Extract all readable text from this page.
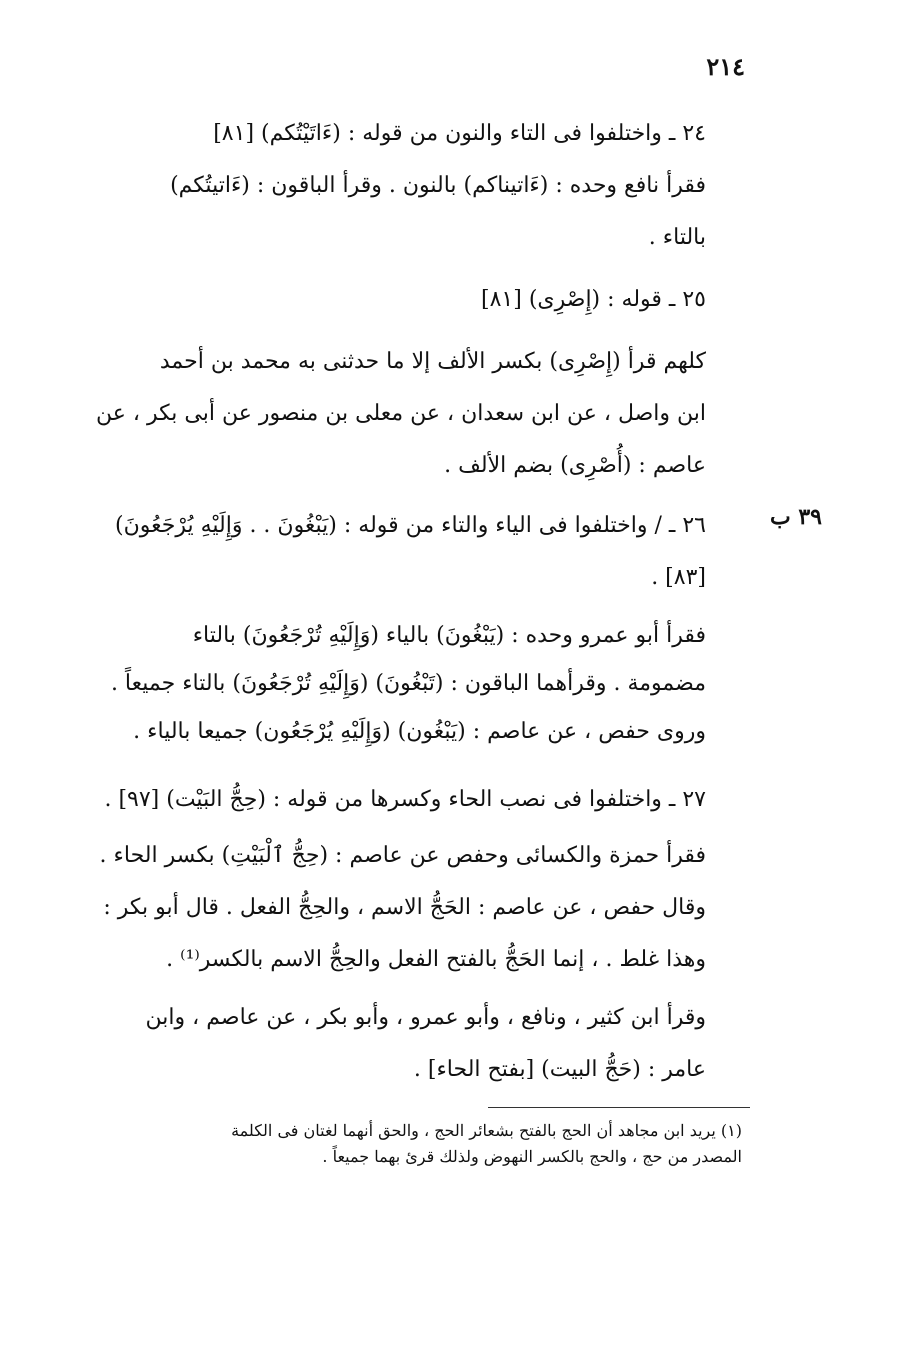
٢١٤
٣٩ ب
٢٤ ـ واختلفوا فى التاء والنون من قوله : (ءَاتَيْتُكم) [٨١]
فقرأ نافع وحده : (ءَاتيناكم) بالنون . وقرأ الباقون : (ءَاتيتُكم)
بالتاء .
٢٥ ـ قوله : (إِصْرِى) [٨١]
كلهم قرأ (إِصْرِى) بكسر الألف إلا ما حدثنى به محمد بن أحمد
ابن واصل ، عن ابن سعدان ، عن معلى بن منصور عن أبى بكر ، عن
عاصم : (أُصْرِى) بضم الألف .
٢٦ ـ / واختلفوا فى الياء والتاء من قوله : (يَبْغُونَ . . وَإِلَيْهِ يُرْجَعُونَ)
[٨٣] .
فقرأ أبو عمرو وحده : (يَبْغُونَ) بالياء (وَإِلَيْهِ تُرْجَعُونَ) بالتاء
مضمومة . وقرأهما الباقون : (تَبْغُونَ) (وَإِلَيْهِ تُرْجَعُونَ) بالتاء جميعاً .
وروى حفص ، عن عاصم : (يَبْغُون) (وَإِلَيْهِ يُرْجَعُون) جميعا بالياء .
٢٧ ـ واختلفوا فى نصب الحاء وكسرها من قوله : (حِجُّ البَيْت) [٩٧] .
فقرأ حمزة والكسائى وحفص عن عاصم : (حِجُّ ٱلْبَيْتِ) بكسر الحاء .
وقال حفص ، عن عاصم : الحَجُّ الاسم ، والحِجُّ الفعل . قال أبو بكر :
وهذا غلط . ، إنما الحَجُّ بالفتح الفعل والحِجُّ الاسم بالكسر⁽¹⁾ .
وقرأ ابن كثير ، ونافع ، وأبو عمرو ، وأبو بكر ، عن عاصم ، وابن
عامر : (حَجُّ البيت) [بفتح الحاء] .
(١) يريد ابن مجاهد أن الحج بالفتح بشعائر الحج ، والحق أنهما لغتان فى الكلمة
المصدر من حج ، والحج بالكسر النهوض ولذلك قرئ بهما جميعاً .
